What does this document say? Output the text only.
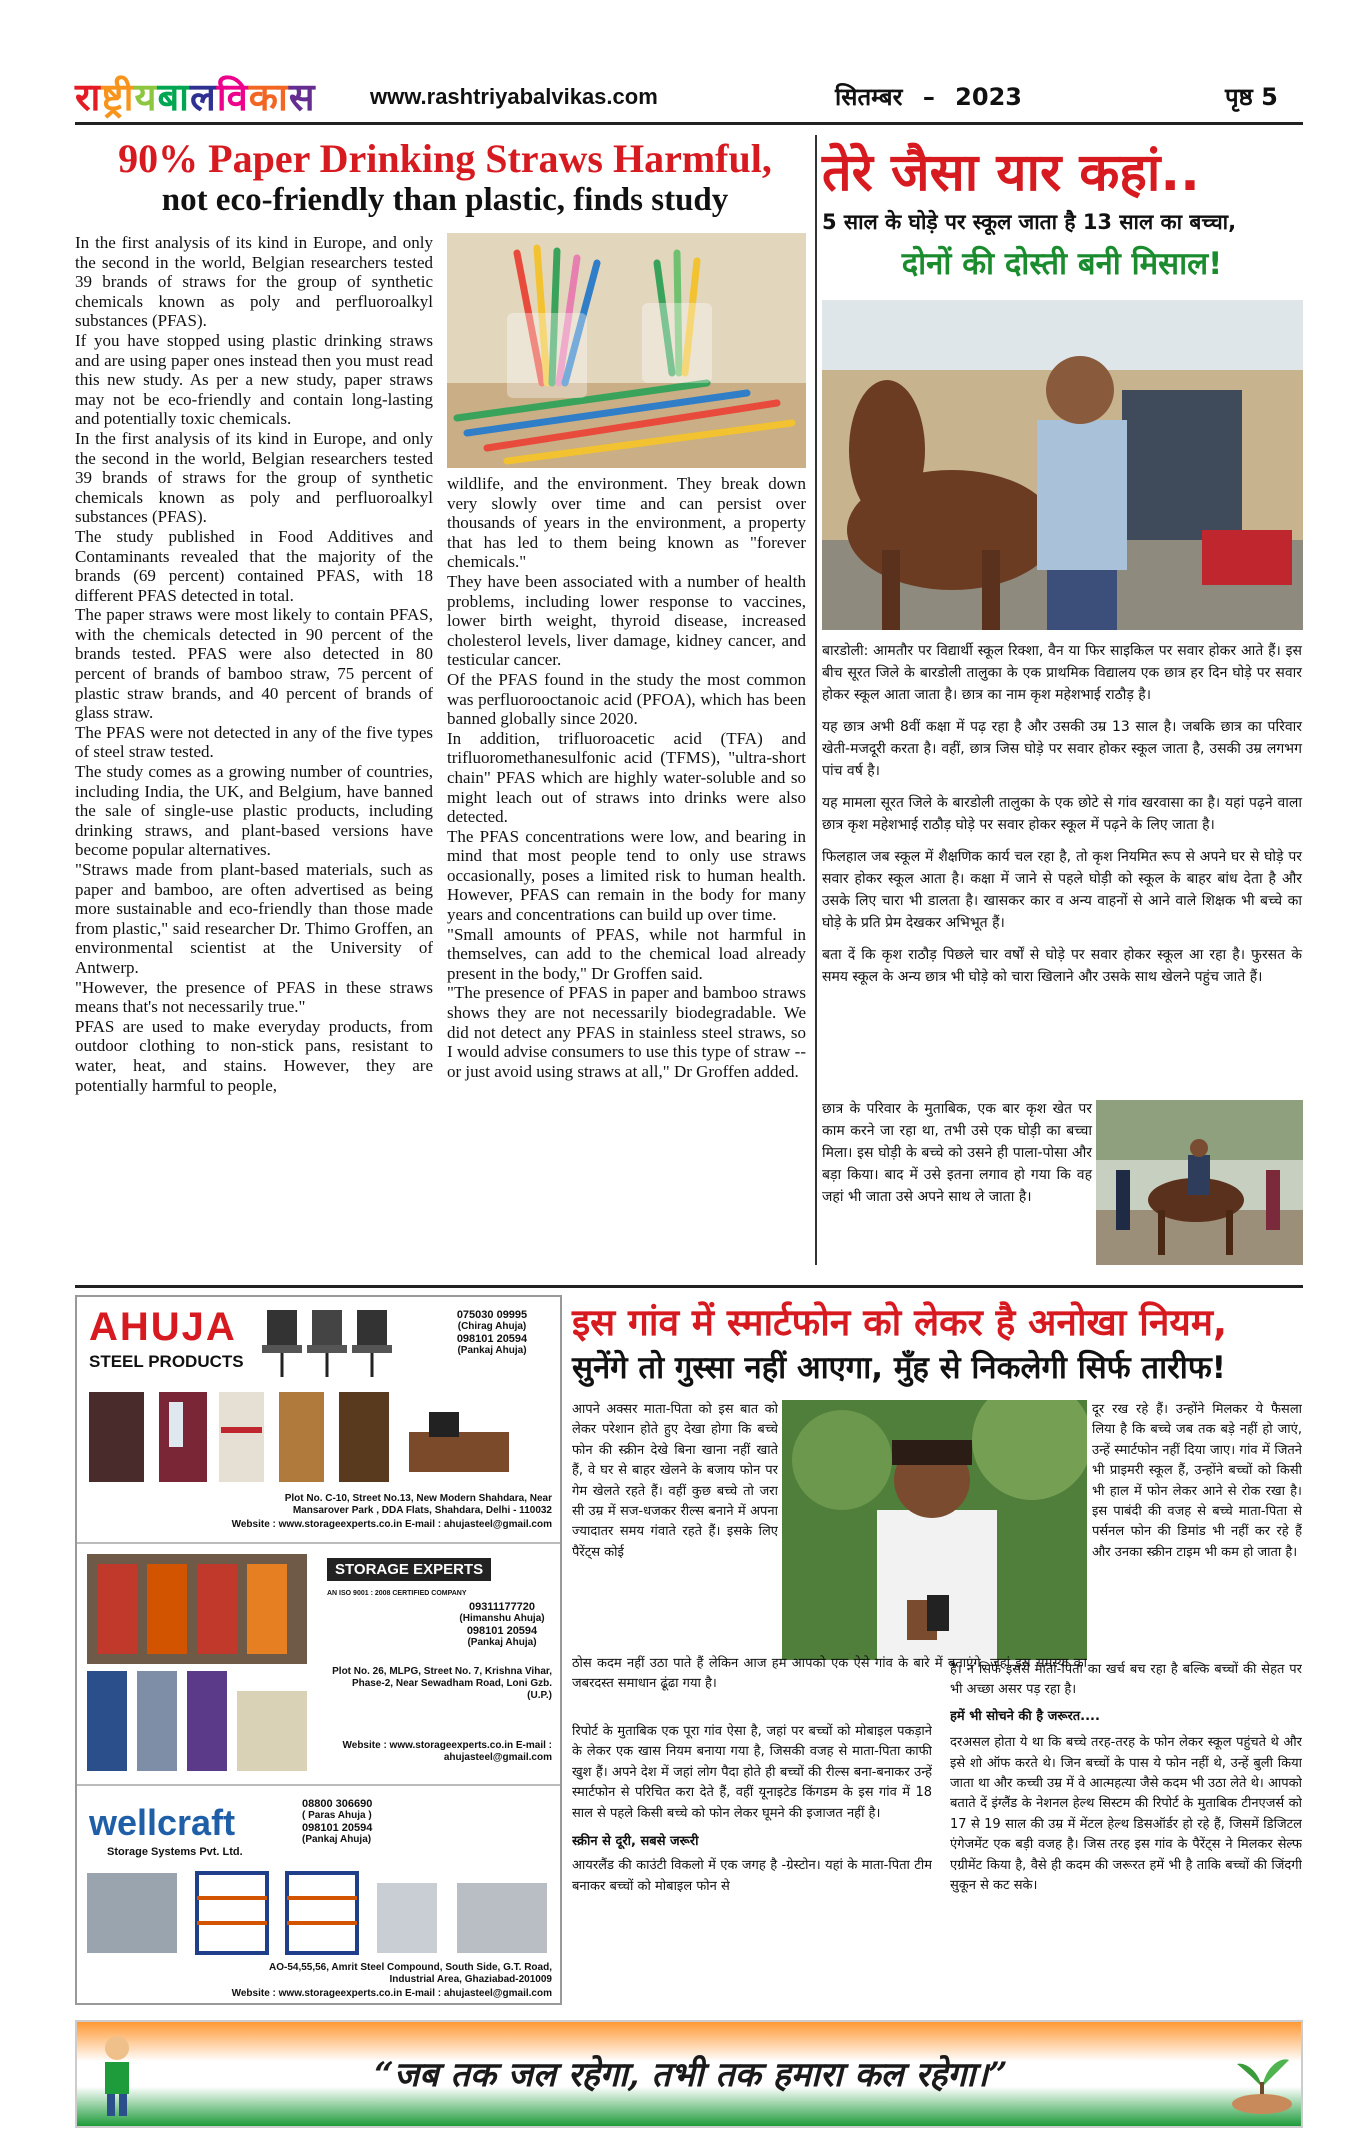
राष्ट्रीयबालविकास www.rashtriyabalvikas.com	सितम्बर – 2023	पृष्ठ 5
90% Paper Drinking Straws Harmful,
not eco-friendly than plastic, finds study

In the first analysis of its kind in Europe, and only the second in the world, Belgian researchers tested 39 brands of straws for the group of synthetic chemicals known as poly and perfluoroalkyl substances (PFAS).

If you have stopped using plastic drinking straws and are using paper ones instead then you must read this new study. As per a new study, paper straws may not be eco-friendly and contain long-lasting and potentially toxic chemicals.

In the first analysis of its kind in Europe, and only the second in the world, Belgian researchers tested 39 brands of straws for the group of synthetic chemicals known as poly and perfluoroalkyl substances (PFAS).

The study published in Food Additives and Contaminants revealed that the majority of the brands (69 percent) contained PFAS, with 18 different PFAS detected in total.

The paper straws were most likely to contain PFAS, with the chemicals detected in 90 percent of the brands tested. PFAS were also detected in 80 percent of brands of bamboo straw, 75 percent of plastic straw brands, and 40 percent of brands of glass straw.

The PFAS were not detected in any of the five types of steel straw tested.

The study comes as a growing number of countries, including India, the UK, and Belgium, have banned the sale of single-use plastic products, including drinking straws, and plant-based versions have become popular alternatives.

"Straws made from plant-based materials, such as paper and bamboo, are often advertised as being more sustainable and eco-friendly than those made from plastic," said researcher Dr. Thimo Groffen, an environmental scientist at the University of Antwerp.

"However, the presence of PFAS in these straws means that's not necessarily true."

PFAS are used to make everyday products, from outdoor clothing to non-stick pans, resistant to water, heat, and stains. However, they are potentially harmful to people,

wildlife, and the environment. They break down very slowly over time and can persist over thousands of years in the environment, a property that has led to them being known as "forever chemicals."

They have been associated with a number of health problems, including lower response to vaccines, lower birth weight, thyroid disease, increased cholesterol levels, liver damage, kidney cancer, and testicular cancer.

Of the PFAS found in the study the most common was perfluorooctanoic acid (PFOA), which has been banned globally since 2020.

In addition, trifluoroacetic acid (TFA) and trifluoromethanesulfonic acid (TFMS), "ultra-short chain" PFAS which are highly water-soluble and so might leach out of straws into drinks were also detected.

The PFAS concentrations were low, and bearing in mind that most people tend to only use straws occasionally, poses a limited risk to human health. However, PFAS can remain in the body for many years and concentrations can build up over time.

"Small amounts of PFAS, while not harmful in themselves, can add to the chemical load already present in the body," Dr Groffen said.

"The presence of PFAS in paper and bamboo straws shows they are not necessarily biodegradable. We did not detect any PFAS in stainless steel straws, so I would advise consumers to use this type of straw -- or just avoid using straws at all," Dr Groffen added.

तेरे जैसा यार कहां..
5 साल के घोड़े पर स्कूल जाता है 13 साल का बच्चा,
दोनों की दोस्ती बनी मिसाल!

बारडोली: आमतौर पर विद्यार्थी स्कूल रिक्शा, वैन या फिर साइकिल पर सवार होकर आते हैं। इस बीच सूरत जिले के बारडोली तालुका के एक प्राथमिक विद्यालय एक छात्र हर दिन घोड़े पर सवार होकर स्कूल आता जाता है। छात्र का नाम कृश महेशभाई राठौड़ है।

यह छात्र अभी 8वीं कक्षा में पढ़ रहा है और उसकी उम्र 13 साल है। जबकि छात्र का परिवार खेती-मजदूरी करता है। वहीं, छात्र जिस घोड़े पर सवार होकर स्कूल जाता है, उसकी उम्र लगभग पांच वर्ष है।

यह मामला सूरत जिले के बारडोली तालुका के एक छोटे से गांव खरवासा का है। यहां पढ़ने वाला छात्र कृश महेशभाई राठौड़ घोड़े पर सवार होकर स्कूल में पढ़ने के लिए जाता है।

फिलहाल जब स्कूल में शैक्षणिक कार्य चल रहा है, तो कृश नियमित रूप से अपने घर से घोड़े पर सवार होकर स्कूल आता है। कक्षा में जाने से पहले घोड़ी को स्कूल के बाहर बांध देता है और उसके लिए चारा भी डालता है। खासकर कार व अन्य वाहनों से आने वाले शिक्षक भी बच्चे का घोड़े के प्रति प्रेम देखकर अभिभूत हैं।

बता दें कि कृश राठौड़ पिछले चार वर्षों से घोड़े पर सवार होकर स्कूल आ रहा है। फुरसत के समय स्कूल के अन्य छात्र भी घोड़े को चारा खिलाने और उसके साथ खेलने पहुंच जाते हैं।

छात्र के परिवार के मुताबिक, एक बार कृश खेत पर काम करने जा रहा था, तभी उसे एक घोड़ी का बच्चा मिला। इस घोड़ी के बच्चे को उसने ही पाला-पोसा और बड़ा किया। बाद में उसे इतना लगाव हो गया कि वह जहां भी जाता उसे अपने साथ ले जाता है।
AHUJA
STEEL PRODUCTS
075030 09995
(Chirag Ahuja)
098101 20594
(Pankaj Ahuja)
Plot No. C-10, Street No.13, New Modern Shahdara, Near Mansarover Park , DDA Flats, Shahdara, Delhi - 110032
Website : www.storageexperts.co.in E-mail : ahujasteel@gmail.com
STORAGE EXPERTS
AN ISO 9001 : 2008 CERTIFIED COMPANY
09311177720
(Himanshu Ahuja)
098101 20594
(Pankaj Ahuja)
Plot No. 26, MLPG, Street No. 7, Krishna Vihar, Phase-2, Near Sewadham Road, Loni Gzb. (U.P.)
Website : www.storageexperts.co.in E-mail : ahujasteel@gmail.com
wellcraft
Storage Systems Pvt. Ltd.
08800 306690
( Paras Ahuja )
098101 20594
(Pankaj Ahuja)
AO-54,55,56, Amrit Steel Compound, South Side, G.T. Road, Industrial Area, Ghaziabad-201009
Website : www.storageexperts.co.in E-mail : ahujasteel@gmail.com
इस गांव में स्मार्टफोन को लेकर है अनोखा नियम,
सुनेंगे तो गुस्सा नहीं आएगा, मुँह से निकलेगी सिर्फ तारीफ!
आपने अक्सर माता-पिता को इस बात को लेकर परेशान होते हुए देखा होगा कि बच्चे फोन की स्क्रीन देखे बिना खाना नहीं खाते हैं, वे घर से बाहर खेलने के बजाय फोन पर गेम खेलते रहते हैं। वहीं कुछ बच्चे तो जरा सी उम्र में सज-धजकर रील्स बनाने में अपना ज्यादातर समय गंवाते रहते हैं। इसके लिए पैरेंट्स कोई
दूर रख रहे हैं। उन्होंने मिलकर ये फैसला लिया है कि बच्चे जब तक बड़े नहीं हो जाएं, उन्हें स्मार्टफोन नहीं दिया जाए। गांव में जितने भी प्राइमरी स्कूल हैं, उन्होंने बच्चों को किसी भी हाल में फोन लेकर आने से रोक रखा है। इस पाबंदी की वजह से बच्चे माता-पिता से पर्सनल फोन की डिमांड भी नहीं कर रहे हैं और उनका स्क्रीन टाइम भी कम हो जाता है।
ठोस कदम नहीं उठा पाते हैं लेकिन आज हम आपको एक ऐसे गांव के बारे में बताएंगे, जहां इस समस्या का जबरदस्त समाधान ढूंढा गया है।

रिपोर्ट के मुताबिक एक पूरा गांव ऐसा है, जहां पर बच्चों को मोबाइल पकड़ाने के लेकर एक खास नियम बनाया गया है, जिसकी वजह से माता-पिता काफी खुश हैं। अपने देश में जहां लोग पैदा होते ही बच्चों की रील्स बना-बनाकर उन्हें स्मार्टफोन से परिचित करा देते हैं, वहीं यूनाइटेड किंगडम के इस गांव में 18 साल से पहले किसी बच्चे को फोन लेकर घूमने की इजाजत नहीं है।

स्क्रीन से दूरी, सबसे जरूरी

आयरलैंड की काउंटी विकलो में एक जगह है -ग्रेस्टोन। यहां के माता-पिता टीम बनाकर बच्चों को मोबाइल फोन से

है। न सिर्फ इससे माता-पिता का खर्च बच रहा है बल्कि बच्चों की सेहत पर भी अच्छा असर पड़ रहा है।

हमें भी सोचने की है जरूरत....

दरअसल होता ये था कि बच्चे तरह-तरह के फोन लेकर स्कूल पहुंचते थे और इसे शो ऑफ करते थे। जिन बच्चों के पास ये फोन नहीं थे, उन्हें बुली किया जाता था और कच्ची उम्र में वे आत्महत्या जैसे कदम भी उठा लेते थे। आपको बताते दें इंग्लैंड के नेशनल हेल्थ सिस्टम की रिपोर्ट के मुताबिक टीनएजर्स को 17 से 19 साल की उम्र में मेंटल हेल्थ डिसऑर्डर हो रहे हैं, जिसमें डिजिटल एंगेजमेंट एक बड़ी वजह है। जिस तरह इस गांव के पैरेंट्स ने मिलकर सेल्फ एग्रीमेंट किया है, वैसे ही कदम की जरूरत हमें भी है ताकि बच्चों की जिंदगी सुकून से कट सके।

“जब तक जल रहेगा, तभी तक हमारा कल रहेगा।”
